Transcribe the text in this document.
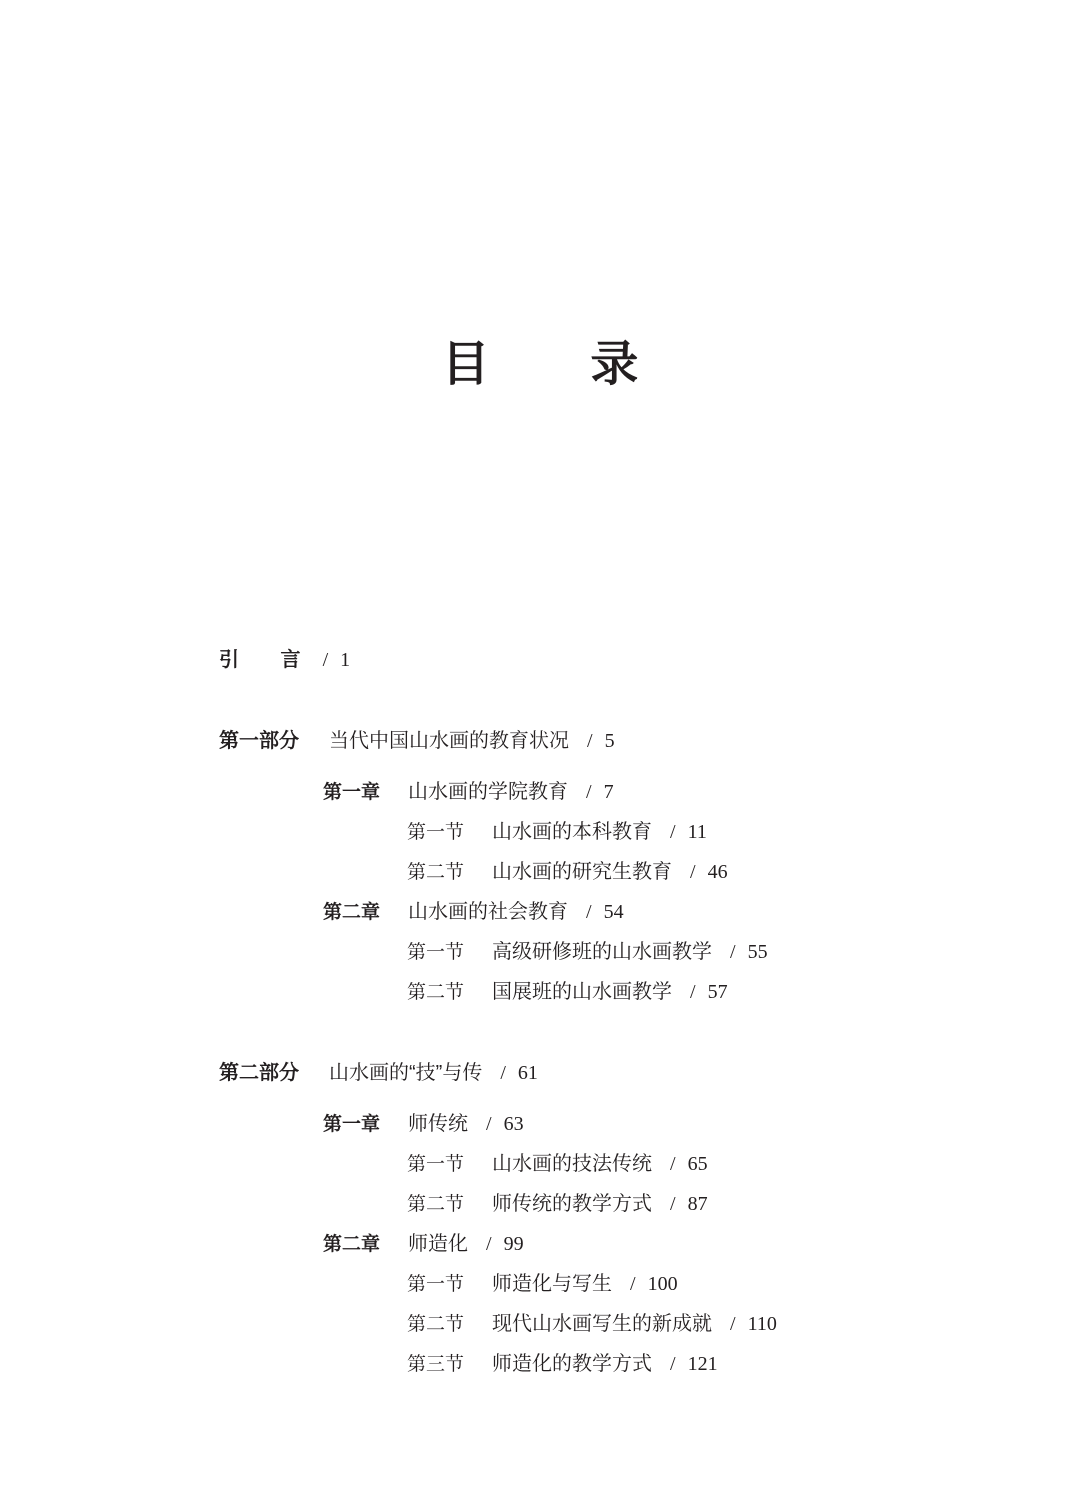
目 录
引 言 / 1
第一部分 当代中国山水画的教育状况 / 5
第一章 山水画的学院教育 / 7
第一节 山水画的本科教育 / 11
第二节 山水画的研究生教育 / 46
第二章 山水画的社会教育 / 54
第一节 高级研修班的山水画教学 / 55
第二节 国展班的山水画教学 / 57
第二部分 山水画的“技”与传 / 61
第一章 师传统 / 63
第一节 山水画的技法传统 / 65
第二节 师传统的教学方式 / 87
第二章 师造化 / 99
第一节 师造化与写生 / 100
第二节 现代山水画写生的新成就 / 110
第三节 师造化的教学方式 / 121
